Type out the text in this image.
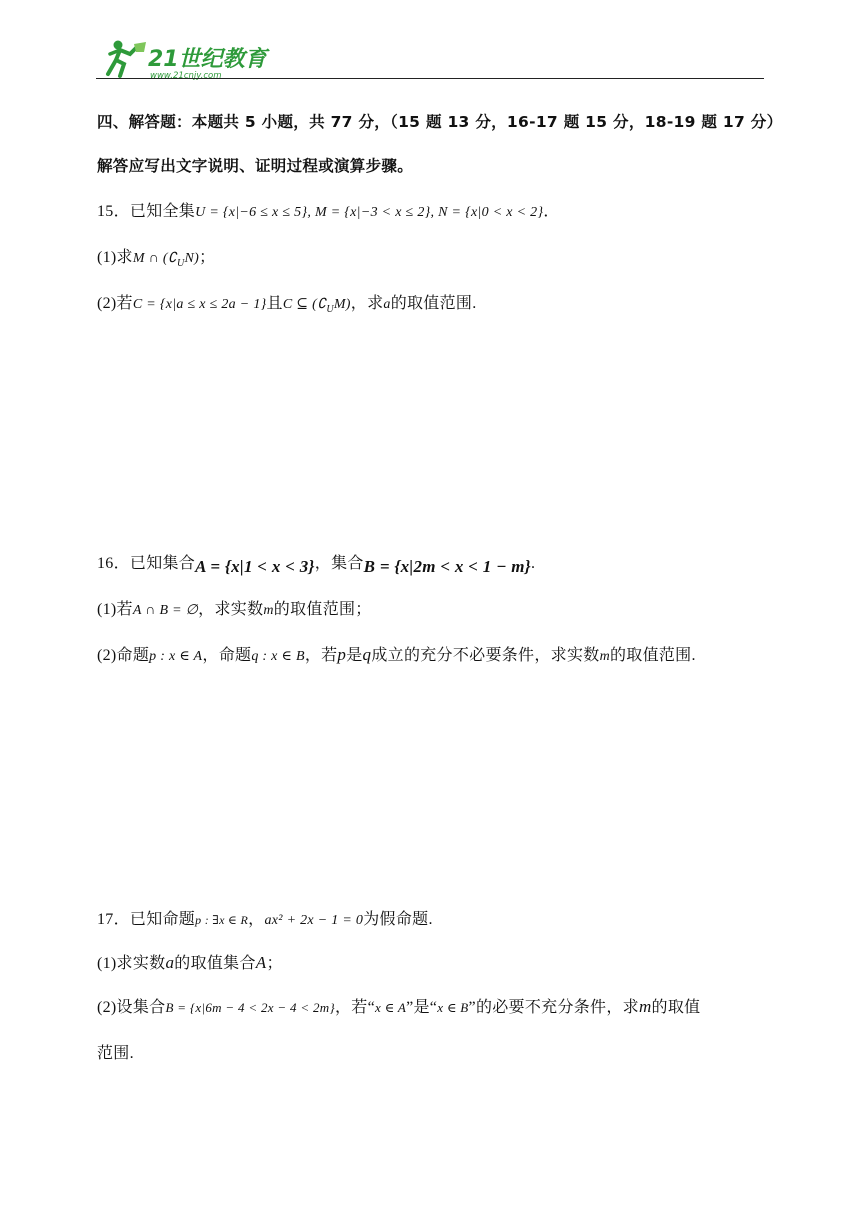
21世纪教育
www.21cnjy.com
四、解答题：本题共 5 小题，共 77 分，（15 题 13 分，16-17 题 15 分，18-19 题 17 分）
解答应写出文字说明、证明过程或演算步骤。
15．已知全集U = {x|−6 ≤ x ≤ 5}, M = {x|−3 < x ≤ 2}, N = {x|0 < x < 2}．
(1)求M ∩ $(∁_UN)$；
(2)若C = {x|a ≤ x ≤ 2a − 1}且C ⊆ $(∁_UM)$，求a的取值范围.
16．已知集合A = {x|1 < x < 3}，集合B = {x|2m < x < 1 − m}.
(1)若A ∩ B = ∅，求实数m的取值范围；
(2)命题p : x ∈ A，命题q : x ∈ B，若p是q成立的充分不必要条件，求实数m的取值范围.
17．已知命题p : ∃x ∈ R，ax² + 2x − 1 = 0为假命题.
(1)求实数a的取值集合A；
(2)设集合B = {x|6m − 4 < 2x − 4 < 2m}，若“x ∈ A”是“x ∈ B”的必要不充分条件，求m的取值
范围.
